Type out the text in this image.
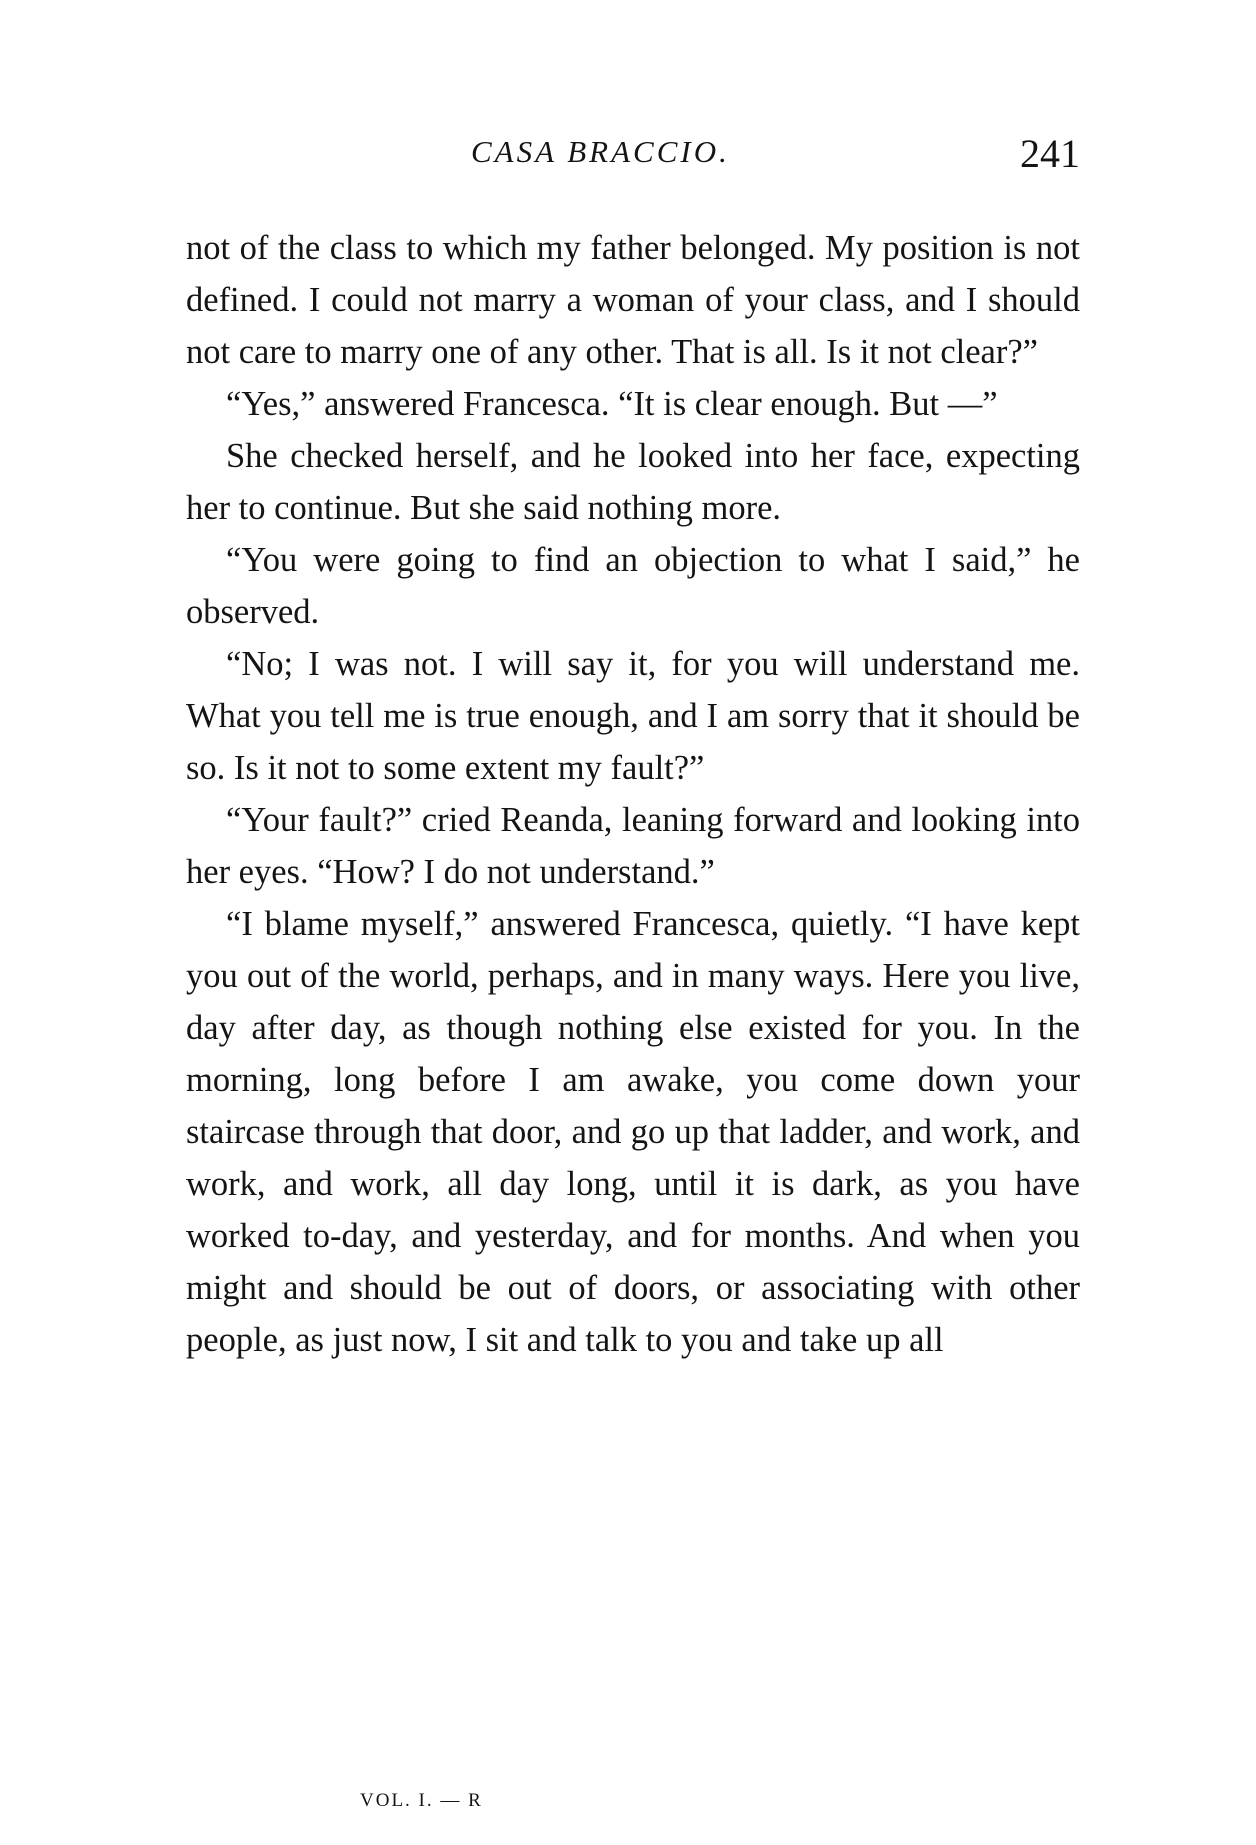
CASA BRACCIO.	241

not of the class to which my father belonged. My position is not defined. I could not marry a woman of your class, and I should not care to marry one of any other. That is all. Is it not clear?”

“Yes,” answered Francesca. “It is clear enough. But —”

She checked herself, and he looked into her face, expecting her to continue. But she said nothing more.

“You were going to find an objection to what I said,” he observed.

“No; I was not. I will say it, for you will understand me. What you tell me is true enough, and I am sorry that it should be so. Is it not to some extent my fault?”

“Your fault?” cried Reanda, leaning forward and looking into her eyes. “How? I do not understand.”

“I blame myself,” answered Francesca, quietly. “I have kept you out of the world, perhaps, and in many ways. Here you live, day after day, as though nothing else existed for you. In the morning, long before I am awake, you come down your staircase through that door, and go up that ladder, and work, and work, and work, all day long, until it is dark, as you have worked to-day, and yesterday, and for months. And when you might and should be out of doors, or associating with other people, as just now, I sit and talk to you and take up all

VOL. I. — R
